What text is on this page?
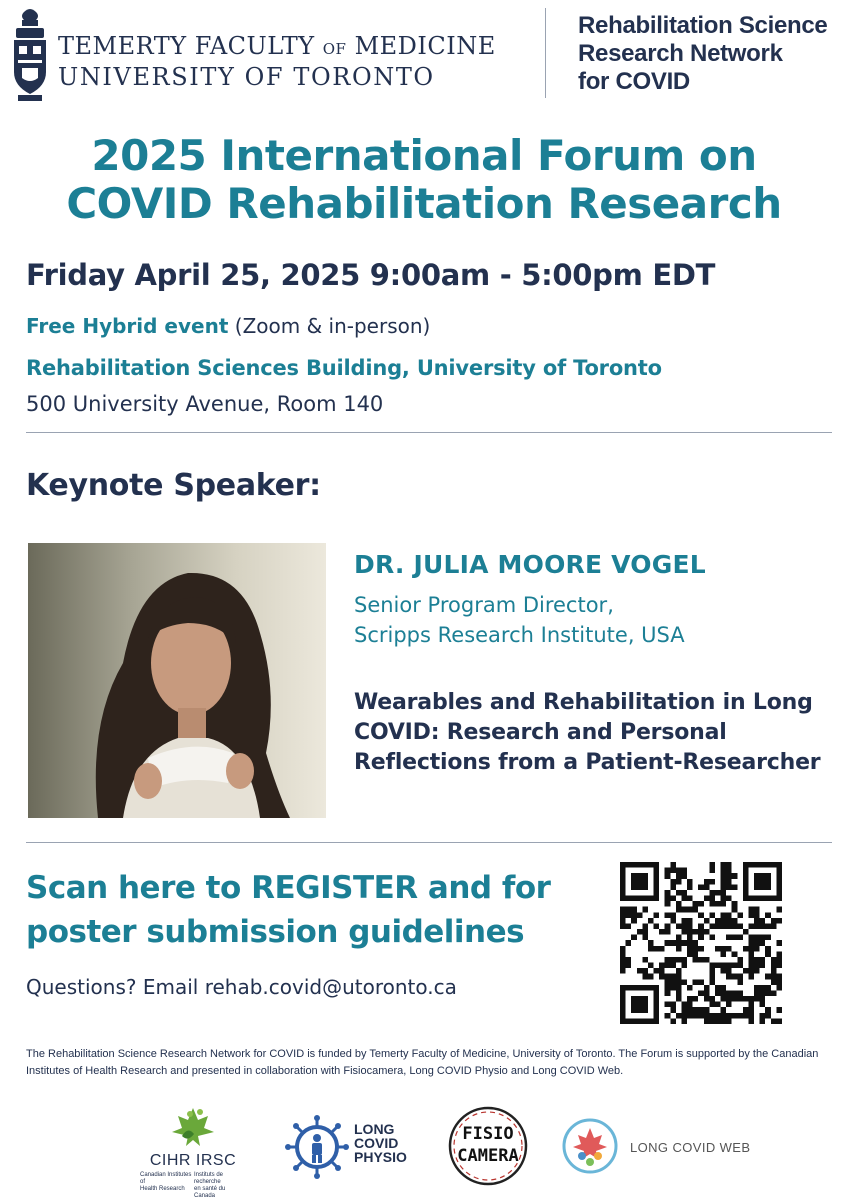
TEMERTY FACULTY OF MEDICINE
UNIVERSITY OF TORONTO
Rehabilitation Science
Research Network
for COVID
2025 International Forum on
COVID Rehabilitation Research
Friday April 25, 2025 9:00am - 5:00pm EDT
Free Hybrid event (Zoom & in-person)
Rehabilitation Sciences Building, University of Toronto
500 University Avenue, Room 140
Keynote Speaker:
DR. JULIA MOORE VOGEL
Senior Program Director,
Scripps Research Institute, USA
Wearables and Rehabilitation in Long COVID: Research and Personal Reflections from a Patient-Researcher
Scan here to REGISTER and for poster submission guidelines
Questions? Email rehab.covid@utoronto.ca
The Rehabilitation Science Research Network for COVID is funded by Temerty Faculty of Medicine, University of Toronto. The Forum is supported by the Canadian Institutes of Health Research and presented in collaboration with Fisiocamera, Long COVID Physio and Long COVID Web.
CIHR IRSC
Canadian Institutes of
Health Research
Instituts de recherche
en santé du Canada
LONG
COVID
PHYSIO
FISIO
CAMERA	LONG COVID WEB
